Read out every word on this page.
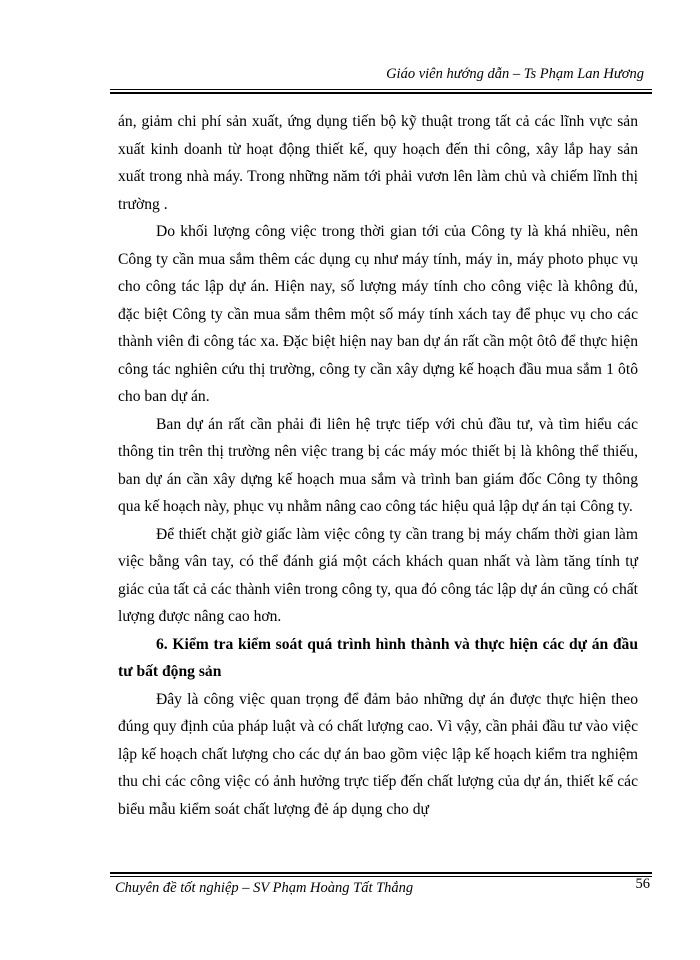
Giáo viên hướng dẫn – Ts Phạm Lan Hương

án, giảm chi phí sản xuất, ứng dụng tiến bộ kỹ thuật trong tất cả các lĩnh vực sản xuất kinh doanh từ hoạt động thiết kế, quy hoạch đến thi công, xây lắp hay sản xuất trong nhà máy. Trong những năm tới phải vươn lên làm chủ và chiếm lĩnh thị trường .

Do khối lượng công việc trong thời gian tới của Công ty là khá nhiều, nên Công ty cần mua sắm thêm các dụng cụ như máy tính, máy in, máy photo phục vụ cho công tác lập dự án. Hiện nay, số lượng máy tính cho công việc là không đủ, đặc biệt Công ty cần mua sắm thêm một số máy tính xách tay để phục vụ cho các thành viên đi công tác xa. Đặc biệt hiện nay ban dự án rất cần một ôtô để thực hiện công tác nghiên cứu thị trường, công ty cần xây dựng kế hoạch đầu mua sắm 1 ôtô cho ban dự án.

Ban dự án rất cần phải đi liên hệ trực tiếp với chủ đầu tư, và tìm hiểu các thông tin trên thị trường nên việc trang bị các máy móc thiết bị là không thể thiếu, ban dự án cần xây dựng kế hoạch mua sắm và trình ban giám đốc Công ty thông qua kế hoạch này, phục vụ nhằm nâng cao công tác hiệu quả lập dự án tại Công ty.

Để thiết chặt giờ giấc làm việc công ty cần trang bị máy chấm thời gian làm việc bằng vân tay, có thể đánh giá một cách khách quan nhất và làm tăng tính tự giác của tất cả các thành viên trong công ty, qua đó công tác lập dự án cũng có chất lượng được nâng cao hơn.

6. Kiểm tra kiểm soát quá trình hình thành và thực hiện các dự án đầu tư bất động sản

Đây là công việc quan trọng để đảm bảo những dự án được thực hiện theo đúng quy định của pháp luật và có chất lượng cao. Vì vậy, cần phải đầu tư vào việc lập kế hoạch chất lượng cho các dự án bao gồm việc lập kế hoạch kiểm tra nghiệm thu chi các công việc có ảnh hưởng trực tiếp đến chất lượng của dự án, thiết kế các biểu mẫu kiểm soát chất lượng đẻ áp dụng cho dự

Chuyên đề tốt nghiệp – SV Phạm Hoàng Tất Thắng	56
